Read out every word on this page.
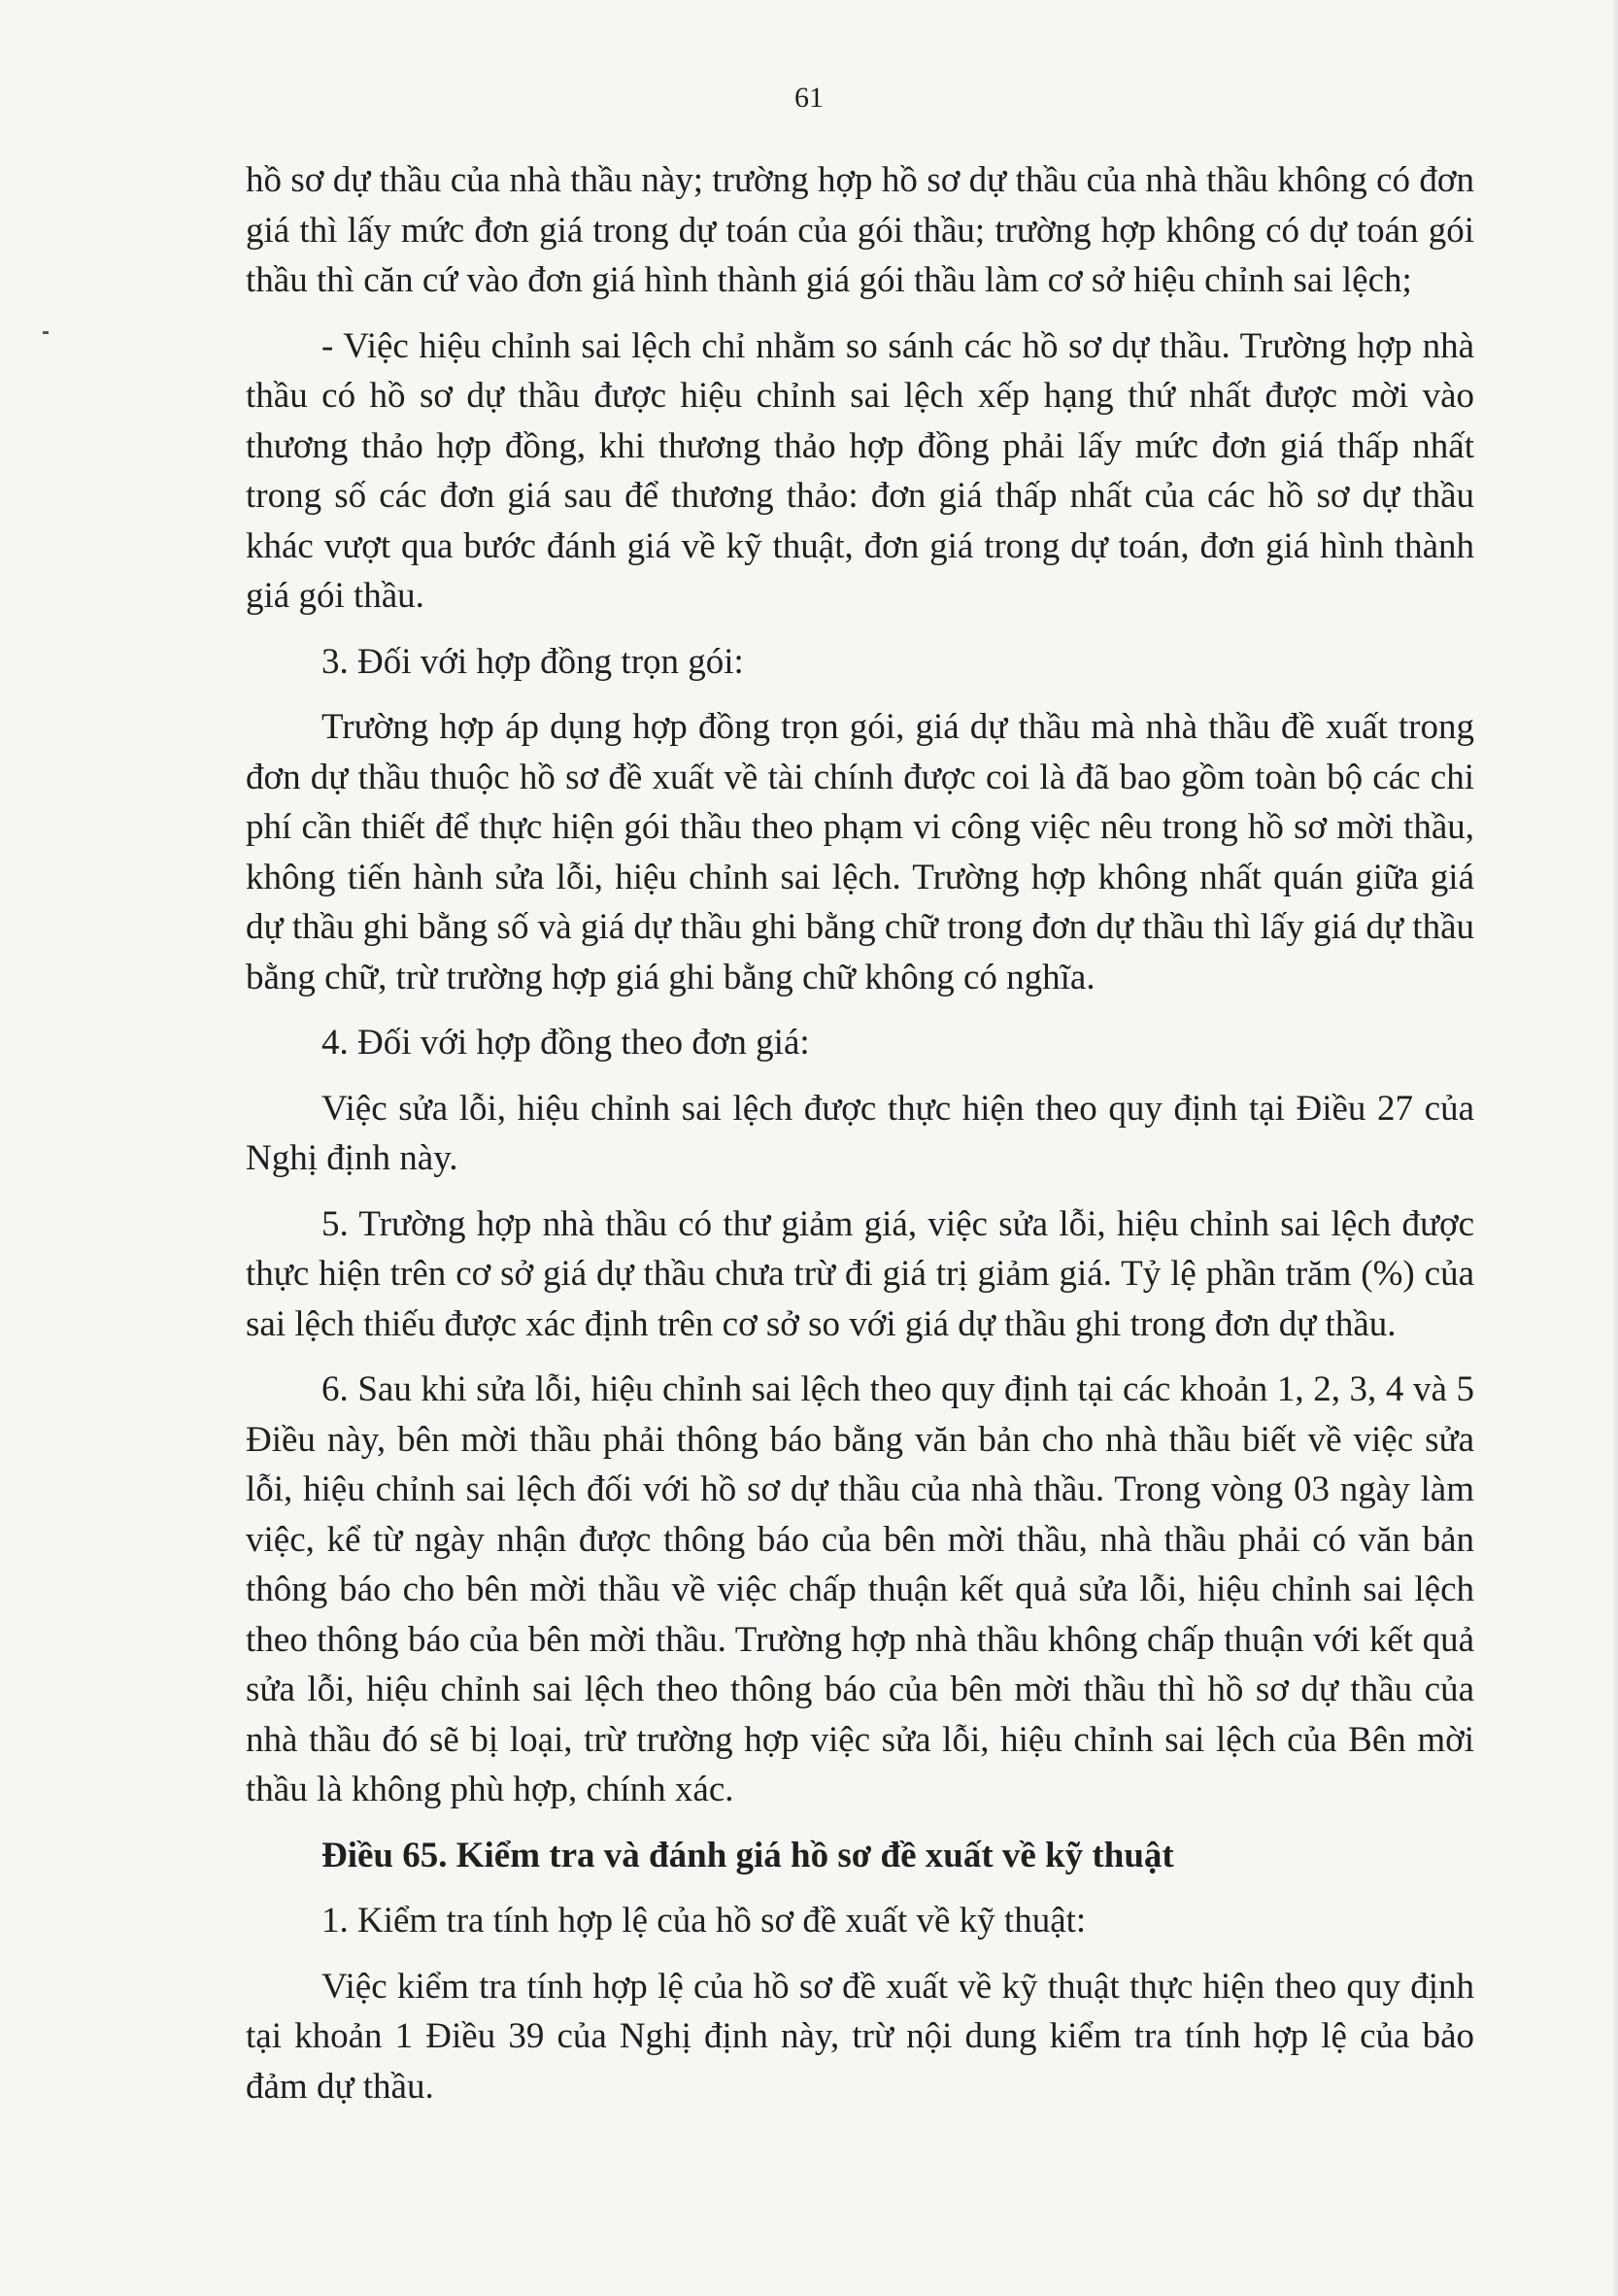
61

hồ sơ dự thầu của nhà thầu này; trường hợp hồ sơ dự thầu của nhà thầu không có đơn giá thì lấy mức đơn giá trong dự toán của gói thầu; trường hợp không có dự toán gói thầu thì căn cứ vào đơn giá hình thành giá gói thầu làm cơ sở hiệu chỉnh sai lệch;

- Việc hiệu chỉnh sai lệch chỉ nhằm so sánh các hồ sơ dự thầu. Trường hợp nhà thầu có hồ sơ dự thầu được hiệu chỉnh sai lệch xếp hạng thứ nhất được mời vào thương thảo hợp đồng, khi thương thảo hợp đồng phải lấy mức đơn giá thấp nhất trong số các đơn giá sau để thương thảo: đơn giá thấp nhất của các hồ sơ dự thầu khác vượt qua bước đánh giá về kỹ thuật, đơn giá trong dự toán, đơn giá hình thành giá gói thầu.

3. Đối với hợp đồng trọn gói:

Trường hợp áp dụng hợp đồng trọn gói, giá dự thầu mà nhà thầu đề xuất trong đơn dự thầu thuộc hồ sơ đề xuất về tài chính được coi là đã bao gồm toàn bộ các chi phí cần thiết để thực hiện gói thầu theo phạm vi công việc nêu trong hồ sơ mời thầu, không tiến hành sửa lỗi, hiệu chỉnh sai lệch. Trường hợp không nhất quán giữa giá dự thầu ghi bằng số và giá dự thầu ghi bằng chữ trong đơn dự thầu thì lấy giá dự thầu bằng chữ, trừ trường hợp giá ghi bằng chữ không có nghĩa.

4. Đối với hợp đồng theo đơn giá:

Việc sửa lỗi, hiệu chỉnh sai lệch được thực hiện theo quy định tại Điều 27 của Nghị định này.

5. Trường hợp nhà thầu có thư giảm giá, việc sửa lỗi, hiệu chỉnh sai lệch được thực hiện trên cơ sở giá dự thầu chưa trừ đi giá trị giảm giá. Tỷ lệ phần trăm (%) của sai lệch thiếu được xác định trên cơ sở so với giá dự thầu ghi trong đơn dự thầu.

6. Sau khi sửa lỗi, hiệu chỉnh sai lệch theo quy định tại các khoản 1, 2, 3, 4 và 5 Điều này, bên mời thầu phải thông báo bằng văn bản cho nhà thầu biết về việc sửa lỗi, hiệu chỉnh sai lệch đối với hồ sơ dự thầu của nhà thầu. Trong vòng 03 ngày làm việc, kể từ ngày nhận được thông báo của bên mời thầu, nhà thầu phải có văn bản thông báo cho bên mời thầu về việc chấp thuận kết quả sửa lỗi, hiệu chỉnh sai lệch theo thông báo của bên mời thầu. Trường hợp nhà thầu không chấp thuận với kết quả sửa lỗi, hiệu chỉnh sai lệch theo thông báo của bên mời thầu thì hồ sơ dự thầu của nhà thầu đó sẽ bị loại, trừ trường hợp việc sửa lỗi, hiệu chỉnh sai lệch của Bên mời thầu là không phù hợp, chính xác.

Điều 65. Kiểm tra và đánh giá hồ sơ đề xuất về kỹ thuật

1. Kiểm tra tính hợp lệ của hồ sơ đề xuất về kỹ thuật:

Việc kiểm tra tính hợp lệ của hồ sơ đề xuất về kỹ thuật thực hiện theo quy định tại khoản 1 Điều 39 của Nghị định này, trừ nội dung kiểm tra tính hợp lệ của bảo đảm dự thầu.
